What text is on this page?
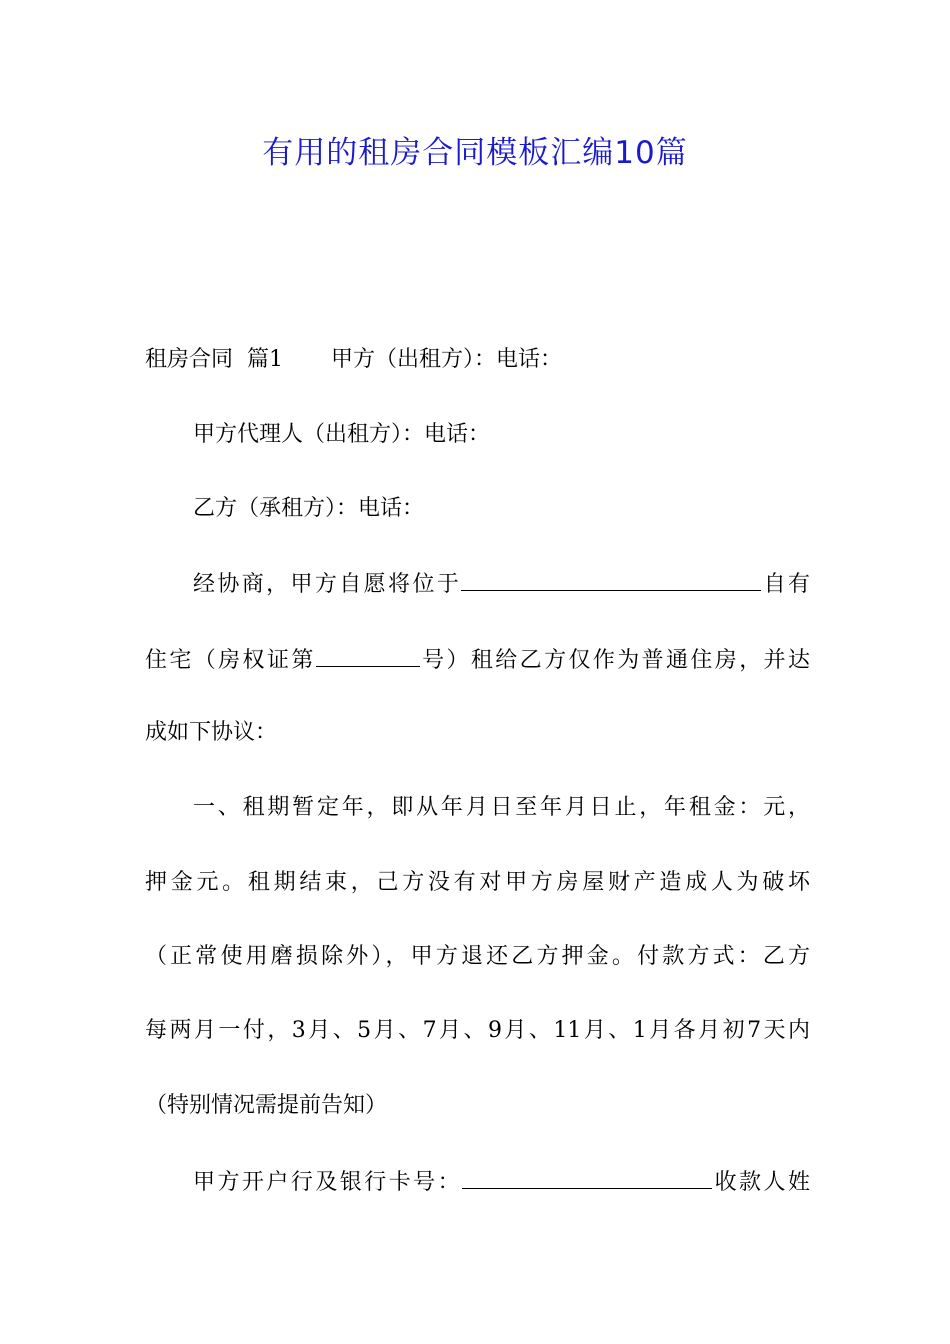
有用的租房合同模板汇编10篇
租房合同  篇1 甲方（出租方）：电话：
甲方代理人（出租方）：电话：
乙方（承租方）：电话：
经协商，甲方自愿将位于	自有
住宅（房权证第	号）租给乙方仅作为普通住房，并达
成如下协议：
一、租期暂定年，即从年月日至年月日止，年租金：元，
押金元。租期结束，己方没有对甲方房屋财产造成人为破坏
（正常使用磨损除外），甲方退还乙方押金。付款方式：乙方
每两月一付，3月、5月、7月、9月、11月、1月各月初7天内
（特别情况需提前告知）
甲方开户行及银行卡号：	收款人姓
